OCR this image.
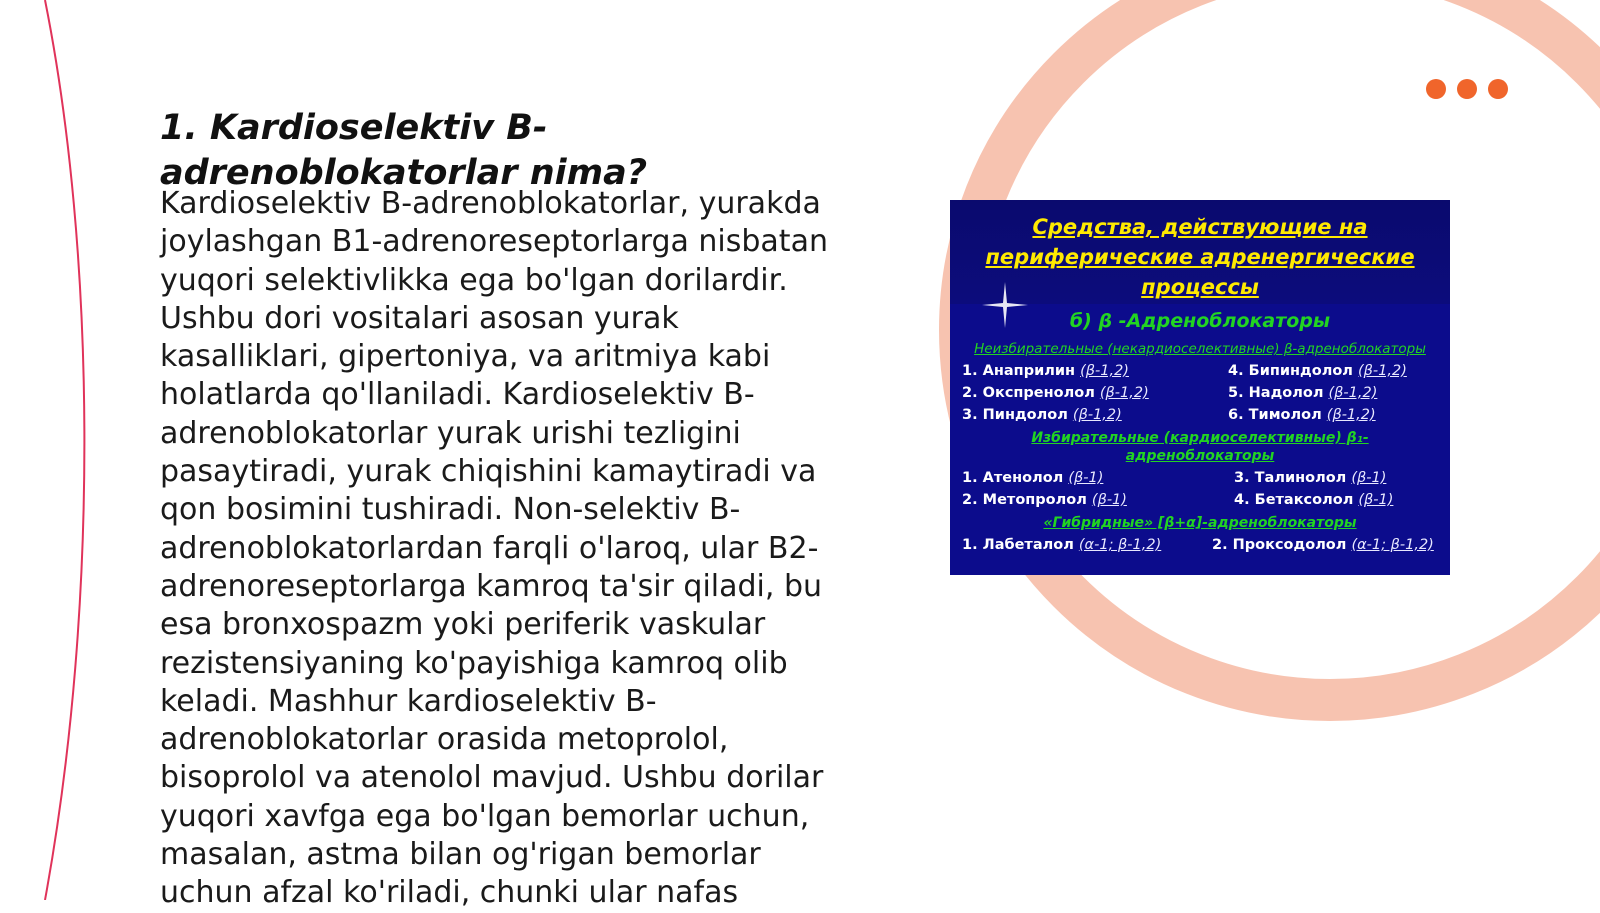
1. Kardioselektiv B-adrenoblokatorlar nima?

Kardioselektiv B-adrenoblokatorlar, yurakda joylashgan B1-adrenoreseptorlarga nisbatan yuqori selektivlikka ega bo'lgan dorilardir. Ushbu dori vositalari asosan yurak kasalliklari, gipertoniya, va aritmiya kabi holatlarda qo'llaniladi. Kardioselektiv B-adrenoblokatorlar yurak urishi tezligini pasaytiradi, yurak chiqishini kamaytiradi va qon bosimini tushiradi. Non-selektiv B-adrenoblokatorlardan farqli o'laroq, ular B2-adrenoreseptorlarga kamroq ta'sir qiladi, bu esa bronxospazm yoki periferik vaskular rezistensiyaning ko'payishiga kamroq olib keladi. Mashhur kardioselektiv B-adrenoblokatorlar orasida metoprolol, bisoprolol va atenolol mavjud. Ushbu dorilar yuqori xavfga ega bo'lgan bemorlar uchun, masalan, astma bilan og'rigan bemorlar uchun afzal ko'riladi, chunki ular nafas

Средства, действующие на периферические адренергические процессы
б) β -Адреноблокаторы
Неизбирательные (некардиоселективные) β-адреноблокаторы
1. Анаприлин (β-1,2)	4. Бипиндолол (β-1,2)
2. Окспренолол (β-1,2)	5. Надолол (β-1,2)
3. Пиндолол (β-1,2)	6. Тимолол (β-1,2)
Избирательные (кардиоселективные) β₁-адреноблокаторы
1. Атенолол (β-1)	3. Талинолол (β-1)
2. Метопролол (β-1)	4. Бетаксолол (β-1)
«Гибридные» [β+α]-адреноблокаторы
1. Лабеталол (α-1; β-1,2)	2. Проксодолол (α-1; β-1,2)
